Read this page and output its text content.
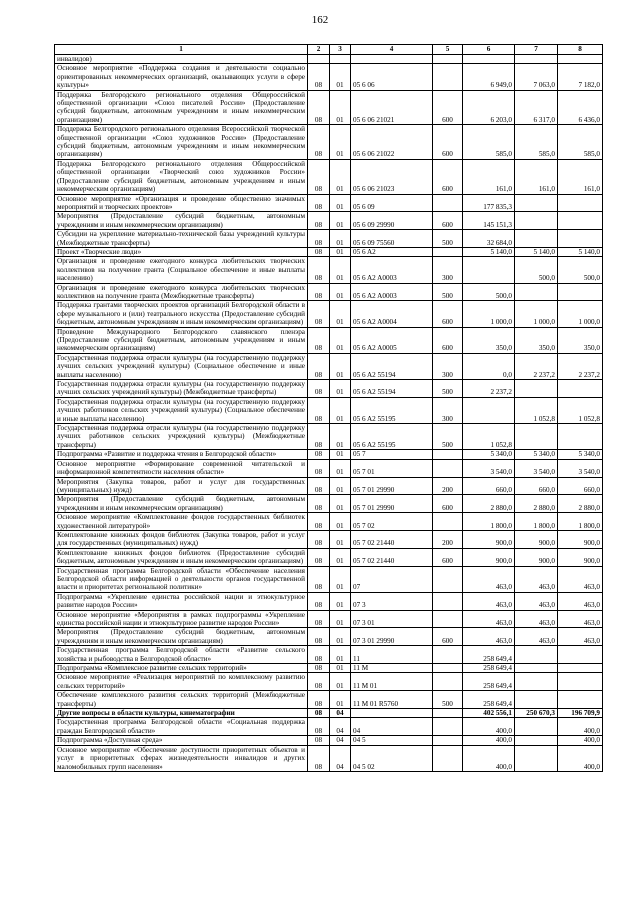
162
1	2	3	4	5	6	7	8
инвалидов)							
Основное мероприятие «Поддержка создания и деятельности социально ориентированных некоммерческих организаций, оказывающих услуги в сфере культуры»	08	01	05 6 06		6 949,0	7 063,0	7 182,0
Поддержка Белгородского регионального отделения Общероссийской общественной организации «Союз писателей России» (Предоставление субсидий бюджетным, автономным учреждениям и иным некоммерческим организациям)	08	01	05 6 06 21021	600	6 203,0	6 317,0	6 436,0
Поддержка Белгородского регионального отделения Всероссийской творческой общественной организации «Союз художников России» (Предоставление субсидий бюджетным, автономным учреждениям и иным некоммерческим организациям)	08	01	05 6 06 21022	600	585,0	585,0	585,0
Поддержка Белгородского регионального отделения Общероссийской общественной организации «Творческий союз художников России» (Предоставление субсидий бюджетным, автономным учреждениям и иным некоммерческим организациям)	08	01	05 6 06 21023	600	161,0	161,0	161,0
Основное мероприятие «Организация и проведение общественно значимых мероприятий и творческих проектов»	08	01	05 6 09		177 835,3		
Мероприятия (Предоставление субсидий бюджетным, автономным учреждениям и иным некоммерческим организациям)	08	01	05 6 09 29990	600	145 151,3		
Субсидии на укрепление материально-технической базы учреждений культуры (Межбюджетные трансферты)	08	01	05 6 09 75560	500	32 684,0		
Проект «Творческие люди»	08	01	05 6 A2		5 140,0	5 140,0	5 140,0
Организация и проведение ежегодного конкурса любительских творческих коллективов на получение гранта (Социальное обеспечение и иные выплаты населению)	08	01	05 6 A2 A0003	300		500,0	500,0
Организация и проведение ежегодного конкурса любительских творческих коллективов на получение гранта (Межбюджетные трансферты)	08	01	05 6 A2 A0003	500	500,0		
Поддержка грантами творческих проектов организаций Белгородской области в сфере музыкального и (или) театрального искусства (Предоставление субсидий бюджетным, автономным учреждениям и иным некоммерческим организациям)	08	01	05 6 A2 A0004	600	1 000,0	1 000,0	1 000,0
Проведение Международного Белгородского славянского пленэра (Предоставление субсидий бюджетным, автономным учреждениям и иным некоммерческим организациям)	08	01	05 6 A2 A0005	600	350,0	350,0	350,0
Государственная поддержка отрасли культуры (на государственную поддержку лучших сельских учреждений культуры) (Социальное обеспечение и иные выплаты населению)	08	01	05 6 A2 55194	300	0,0	2 237,2	2 237,2
Государственная поддержка отрасли культуры (на государственную поддержку лучших сельских учреждений культуры) (Межбюджетные трансферты)	08	01	05 6 A2 55194	500	2 237,2		
Государственная поддержка отрасли культуры (на государственную поддержку лучших работников сельских учреждений культуры) (Социальное обеспечение и иные выплаты населению)	08	01	05 6 A2 55195	300		1 052,8	1 052,8
Государственная поддержка отрасли культуры (на государственную поддержку лучших работников сельских учреждений культуры) (Межбюджетные трансферты)	08	01	05 6 A2 55195	500	1 052,8		
Подпрограмма «Развитие и поддержка чтения в Белгородской области»	08	01	05 7		5 340,0	5 340,0	5 340,0
Основное мероприятие «Формирование современной читательской и информационной компетентности населения области»	08	01	05 7 01		3 540,0	3 540,0	3 540,0
Мероприятия (Закупка товаров, работ и услуг для государственных (муниципальных) нужд)	08	01	05 7 01 29990	200	660,0	660,0	660,0
Мероприятия (Предоставление субсидий бюджетным, автономным учреждениям и иным некоммерческим организациям)	08	01	05 7 01 29990	600	2 880,0	2 880,0	2 880,0
Основное мероприятие «Комплектование фондов государственных библиотек художественной литературой»	08	01	05 7 02		1 800,0	1 800,0	1 800,0
Комплектование книжных фондов библиотек (Закупка товаров, работ и услуг для государственных (муниципальных) нужд)	08	01	05 7 02 21440	200	900,0	900,0	900,0
Комплектование книжных фондов библиотек (Предоставление субсидий бюджетным, автономным учреждениям и иным некоммерческим организациям)	08	01	05 7 02 21440	600	900,0	900,0	900,0
Государственная программа Белгородской области «Обеспечение населения Белгородской области информацией о деятельности органов государственной власти и приоритетах региональной политики»	08	01	07		463,0	463,0	463,0
Подпрограмма «Укрепление единства российской нации и этнокультурное развитие народов России»	08	01	07 3		463,0	463,0	463,0
Основное мероприятие «Мероприятия в рамках подпрограммы «Укрепление единства российской нации и этнокультурное развитие народов России»	08	01	07 3 01		463,0	463,0	463,0
Мероприятия (Предоставление субсидий бюджетным, автономным учреждениям и иным некоммерческим организациям)	08	01	07 3 01 29990	600	463,0	463,0	463,0
Государственная программа Белгородской области «Развитие сельского хозяйства и рыбоводства в Белгородской области»	08	01	11		258 649,4		
Подпрограмма «Комплексное развитие сельских территорий»	08	01	11 M		258 649,4		
Основное мероприятие «Реализация мероприятий по комплексному развитию сельских территорий»	08	01	11 M 01		258 649,4		
Обеспечение комплексного развития сельских территорий (Межбюджетные трансферты)	08	01	11 M 01 R5760	500	258 649,4		
Другие вопросы в области культуры, кинематографии	08	04			402 556,1	250 670,3	196 709,9
Государственная программа Белгородской области «Социальная поддержка граждан Белгородской области»	08	04	04		400,0		400,0
Подпрограмма «Доступная среда»	08	04	04 5		400,0		400,0
Основное мероприятие «Обеспечение доступности приоритетных объектов и услуг в приоритетных сферах жизнедеятельности инвалидов и других маломобильных групп населения»	08	04	04 5 02		400,0		400,0
